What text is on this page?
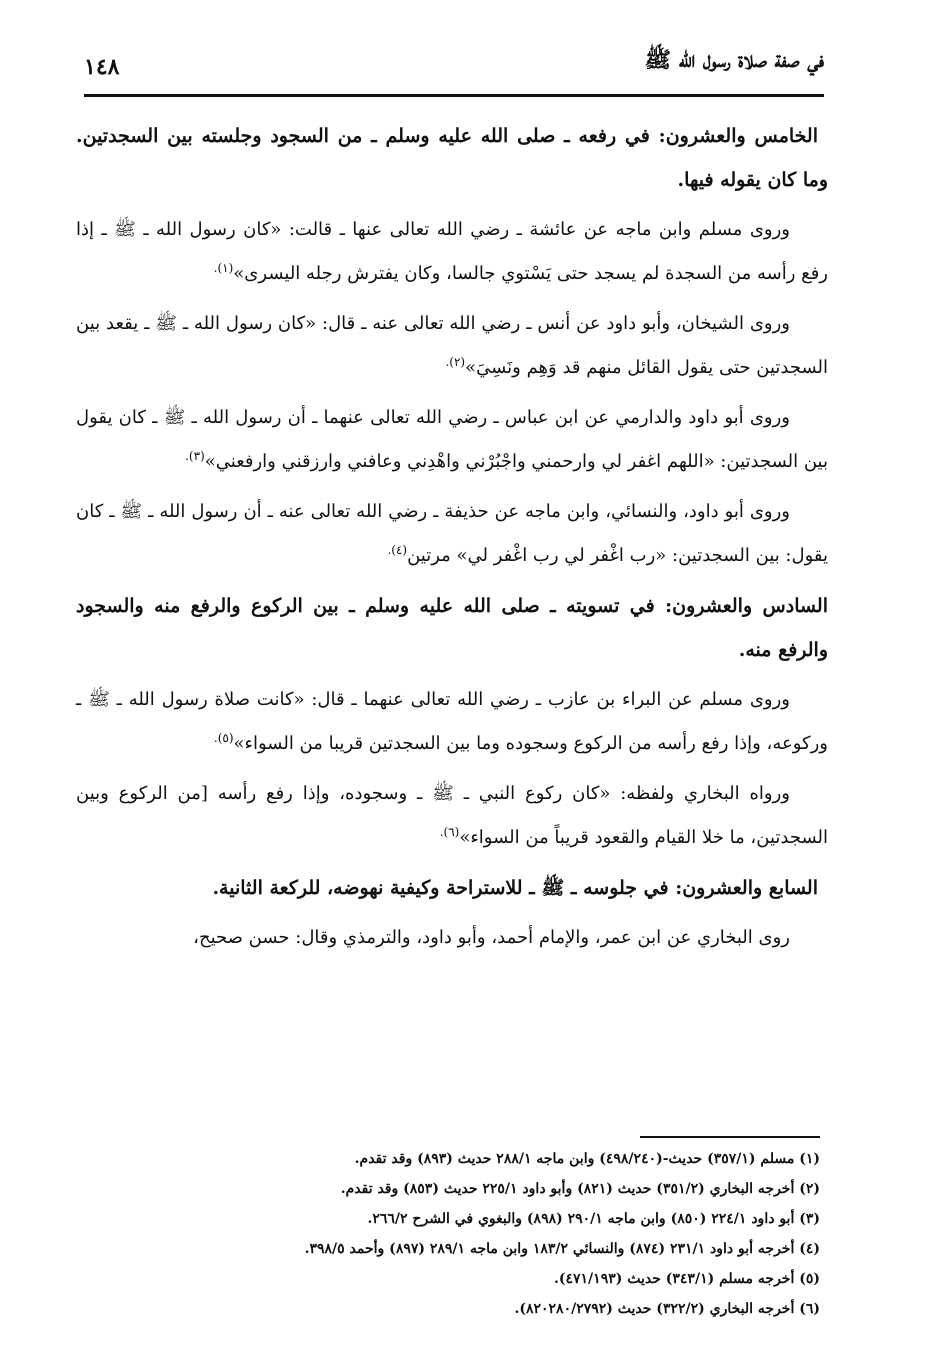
في صفة صلاة رسول الله ﷺ
١٤٨
الخامس والعشرون: في رفعه ـ صلى الله عليه وسلم ـ من السجود وجلسته بين السجدتين. وما كان يقوله فيها.
وروى مسلم وابن ماجه عن عائشة ـ رضي الله تعالى عنها ـ قالت: «كان رسول الله ـ ﷺ ـ إذا رفع رأسه من السجدة لم يسجد حتى يَسْتوي جالسا، وكان يفترش رجله اليسرى»$^{(١).}$
وروى الشيخان، وأبو داود عن أنس ـ رضي الله تعالى عنه ـ قال: «كان رسول الله ـ ﷺ ـ يقعد بين السجدتين حتى يقول القائل منهم قد وَهِم ونَسِيَ»$^{(٢).}$
وروى أبو داود والدارمي عن ابن عباس ـ رضي الله تعالى عنهما ـ أن رسول الله ـ ﷺ ـ كان يقول بين السجدتين: «اللهم اغفر لي وارحمني واجْبُرْني واهْدِني وعافني وارزقني وارفعني»$^{(٣).}$
وروى أبو داود، والنسائي، وابن ماجه عن حذيفة ـ رضي الله تعالى عنه ـ أن رسول الله ـ ﷺ ـ كان يقول: بين السجدتين: «رب اغْفر لي رب اغْفر لي» مرتين$^{(٤).}$
السادس والعشرون: في تسويته ـ صلى الله عليه وسلم ـ بين الركوع والرفع منه والسجود والرفع منه.
وروى مسلم عن البراء بن عازب ـ رضي الله تعالى عنهما ـ قال: «كانت صلاة رسول الله ـ ﷺ ـ وركوعه، وإذا رفع رأسه من الركوع وسجوده وما بين السجدتين قريبا من السواء»$^{(٥).}$
ورواه البخاري ولفظه: «كان ركوع النبي ـ ﷺ ـ وسجوده، وإذا رفع رأسه [من الركوع وبين السجدتين، ما خلا القيام والقعود قريباً من السواء»$^{(٦).}$
السابع والعشرون: في جلوسه ـ ﷺ ـ للاستراحة وكيفية نهوضه، للركعة الثانية.
روى البخاري عن ابن عمر، والإمام أحمد، وأبو داود، والترمذي وقال: حسن صحيح،
(١) مسلم (٣٥٧/١) حديث-(٤٩٨/٢٤٠) وابن ماجه ٢٨٨/١ حديث (٨٩٣) وقد تقدم.
(٢) أخرجه البخاري (٣٥١/٢) حديث (٨٢١) وأبو داود ٢٢٥/١ حديث (٨٥٣) وقد تقدم.
(٣) أبو داود ٢٢٤/١ (٨٥٠) وابن ماجه ٢٩٠/١ (٨٩٨) والبغوي في الشرح ٢٦٦/٢.
(٤) أخرجه أبو داود ٢٣١/١ (٨٧٤) والنسائي ١٨٣/٢ وابن ماجه ٢٨٩/١ (٨٩٧) وأحمد ٣٩٨/٥.
(٥) أخرجه مسلم (٣٤٣/١) حديث (٤٧١/١٩٣).
(٦) أخرجه البخاري (٣٢٢/٢) حديث (٨٢٠٢٨٠/٢٧٩٢).
